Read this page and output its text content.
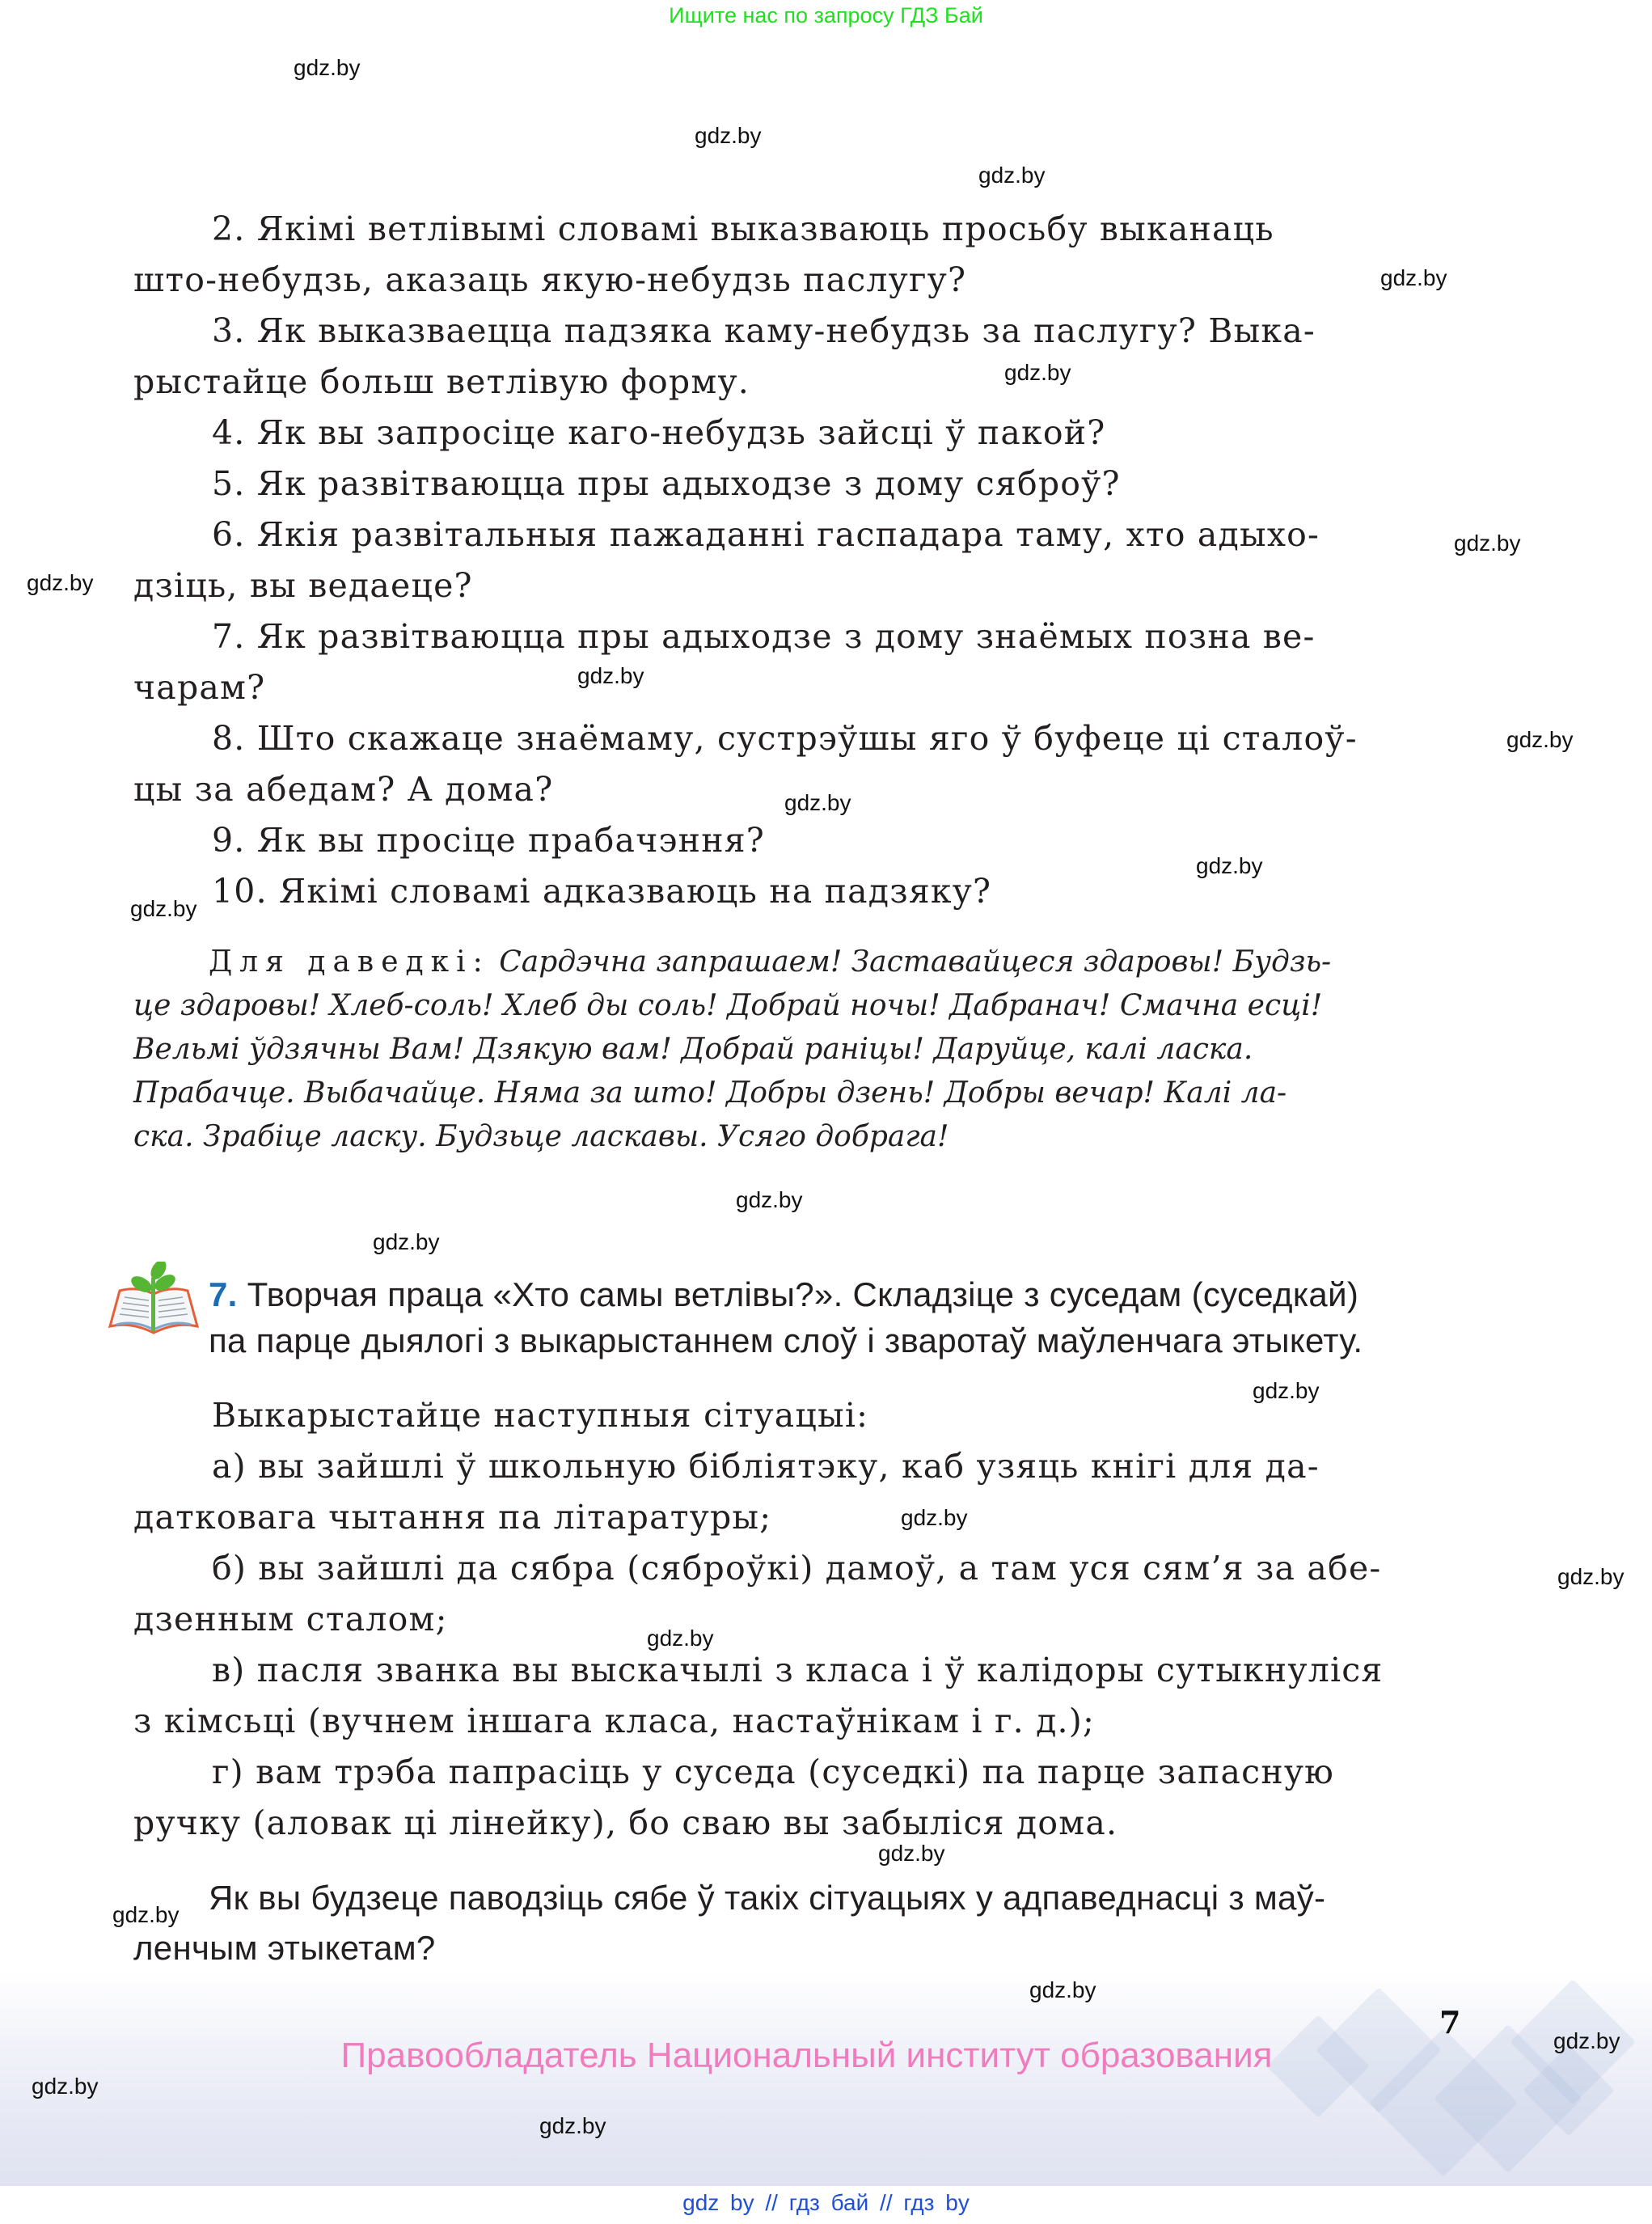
Ищите нас по запросу ГДЗ Бай
2. Якімі ветлівымі словамі выказваюць просьбу выканаць
што-небудзь, аказаць якую-небудзь паслугу?
3. Як выказваецца падзяка каму-небудзь за паслугу? Выка-
рыстайце больш ветлівую форму.
4. Як вы запросіце каго-небудзь зайсці ў пакой?
5. Як развітваюцца пры адыходзе з дому сяброў?
6. Якія развітальныя пажаданні гаспадара таму, хто адыхо-
дзіць, вы ведаеце?
7. Як развітваюцца пры адыходзе з дому знаёмых позна ве-
чарам?
8. Што скажаце знаёмаму, сустрэўшы яго ў буфеце ці сталоў-
цы за абедам? А дома?
9. Як вы просіце прабачэння?
10. Якімі словамі адказваюць на падзяку?
Для даведкі: Сардэчна запрашаем! Заставайцеся здаровы! Будзь-
це здаровы! Хлеб-соль! Хлеб ды соль! Добрай ночы! Дабранач! Смачна есці!
Вельмі ўдзячны Вам! Дзякую вам! Добрай раніцы! Даруйце, калі ласка.
Прабачце. Выбачайце. Няма за што! Добры дзень! Добры вечар! Калі ла-
ска. Зрабіце ласку. Будзьце ласкавы. Усяго добрага!
7. Творчая праца «Хто самы ветлівы?». Складзіце з суседам (суседкай)
па парце дыялогі з выкарыстаннем слоў і зваротаў маўленчага этыкету.
Выкарыстайце наступныя сітуацыі:
а) вы зайшлі ў школьную бібліятэку, каб узяць кнігі для да-
датковага чытання па літаратуры;
б) вы зайшлі да сябра (сяброўкі) дамоў, а там уся сям’я за абе-
дзенным сталом;
в) пасля званка вы выскачылі з класа і ў калідоры сутыкнуліся
з кімсьці (вучнем іншага класа, настаўнікам і г. д.);
г) вам трэба папрасіць у суседа (суседкі) па парце запасную
ручку (аловак ці лінейку), бо сваю вы забыліся дома.
Як вы будзеце паводзіць сябе ў такіх сітуацыях у адпаведнасці з маў-
ленчым этыкетам?
7
Правообладатель Национальный институт образования
gdz by // гдз бай // гдз by
gdz.by
gdz.by
gdz.by
gdz.by
gdz.by
gdz.by
gdz.by
gdz.by
gdz.by
gdz.by
gdz.by
gdz.by
gdz.by
gdz.by
gdz.by
gdz.by
gdz.by
gdz.by
gdz.by
gdz.by
gdz.by
gdz.by
gdz.by
gdz.by
